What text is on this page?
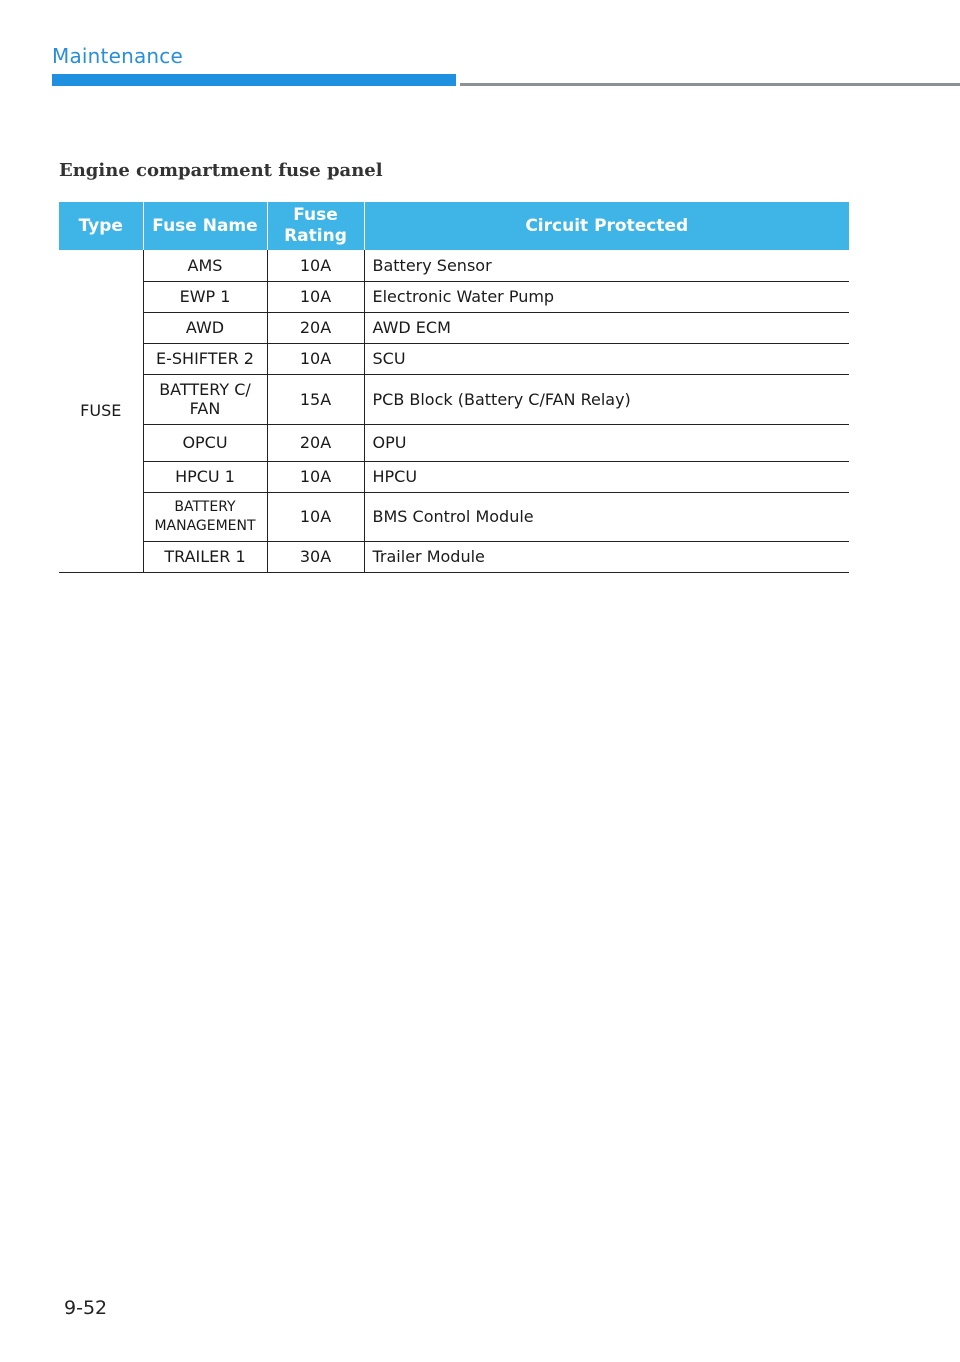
Maintenance
Engine compartment fuse panel
Type	Fuse Name	Fuse Rating	Circuit Protected
FUSE	AMS	10A	Battery Sensor
	EWP 1	10A	Electronic Water Pump
	AWD	20A	AWD ECM
	E-SHIFTER 2	10A	SCU
	BATTERY C/ FAN	15A	PCB Block (Battery C/FAN Relay)
	OPCU	20A	OPU
	HPCU 1	10A	HPCU
	BATTERY MANAGEMENT	10A	BMS Control Module
	TRAILER 1	30A	Trailer Module
9-52
